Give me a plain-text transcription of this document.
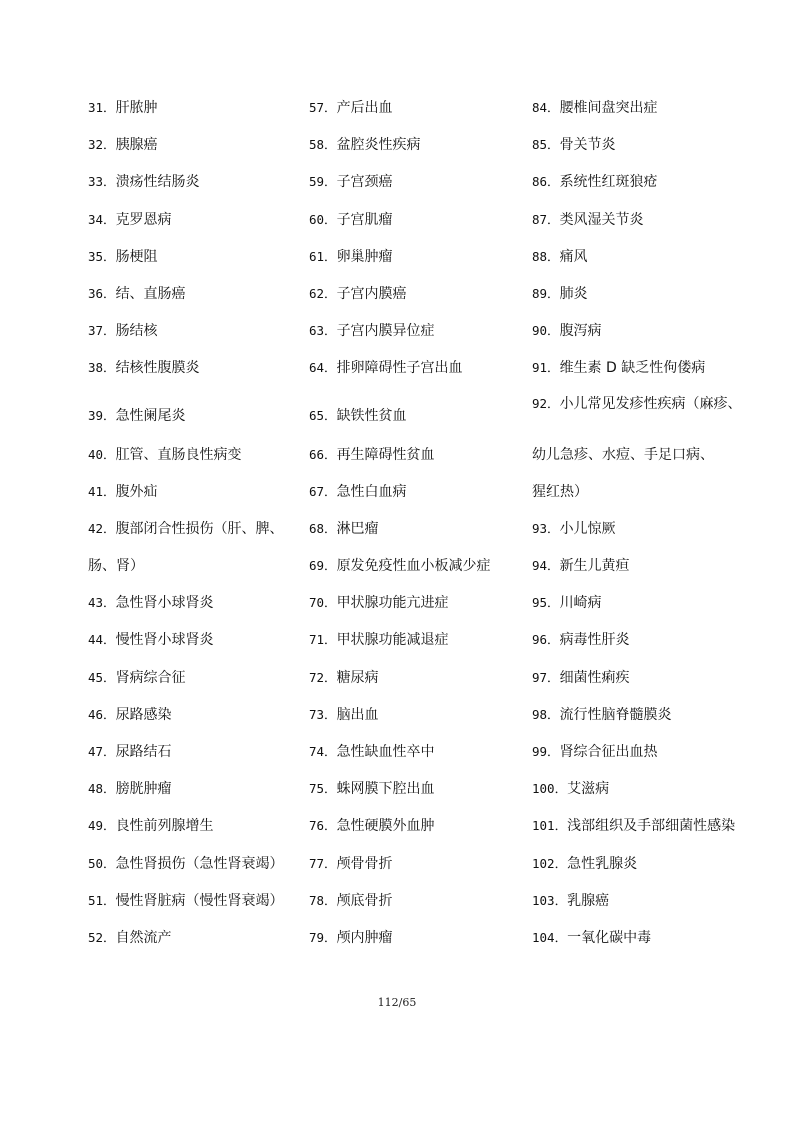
31．肝脓肿
32．胰腺癌
33．溃疡性结肠炎
34．克罗恩病
35．肠梗阻
36．结、直肠癌
37．肠结核
38．结核性腹膜炎
39．急性阑尾炎
40．肛管、直肠良性病变
41．腹外疝
42．腹部闭合性损伤（肝、脾、
肠、肾）
43．急性肾小球肾炎
44．慢性肾小球肾炎
45．肾病综合征
46．尿路感染
47．尿路结石
48．膀胱肿瘤
49．良性前列腺增生
50．急性肾损伤（急性肾衰竭）
51．慢性肾脏病（慢性肾衰竭）
52．自然流产
57．产后出血
58．盆腔炎性疾病
59．子宫颈癌
60．子宫肌瘤
61．卵巢肿瘤
62．子宫内膜癌
63．子宫内膜异位症
64．排卵障碍性子宫出血
65．缺铁性贫血
66．再生障碍性贫血
67．急性白血病
68．淋巴瘤
69．原发免疫性血小板减少症
70．甲状腺功能亢进症
71．甲状腺功能减退症
72．糖尿病
73．脑出血
74．急性缺血性卒中
75．蛛网膜下腔出血
76．急性硬膜外血肿
77．颅骨骨折
78．颅底骨折
79．颅内肿瘤
84．腰椎间盘突出症
85．骨关节炎
86．系统性红斑狼疮
87．类风湿关节炎
88．痛风
89．肺炎
90．腹泻病
91．维生素 D 缺乏性佝偻病
92．小儿常见发疹性疾病（麻疹、
幼儿急疹、水痘、手足口病、
猩红热）
93．小儿惊厥
94．新生儿黄疸
95．川崎病
96．病毒性肝炎
97．细菌性痢疾
98．流行性脑脊髓膜炎
99．肾综合征出血热
100．艾滋病
101．浅部组织及手部细菌性感染
102．急性乳腺炎
103．乳腺癌
104．一氧化碳中毒
112/65
